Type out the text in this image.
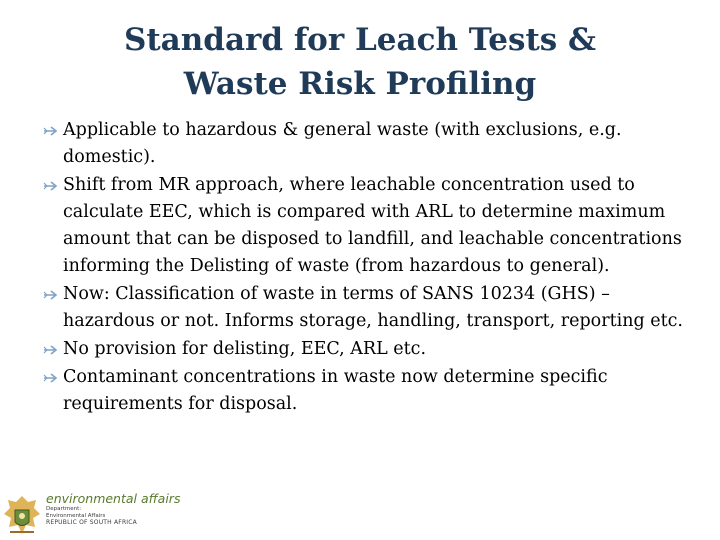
Standard for Leach Tests &
Waste Risk Profiling
Applicable to hazardous & general waste (with exclusions, e.g. domestic).
Shift from MR approach, where leachable concentration used to calculate EEC, which is compared with ARL to determine maximum amount that can be disposed to landfill, and leachable concentrations informing the Delisting of waste (from hazardous to general).
Now: Classification of waste in terms of SANS 10234 (GHS) – hazardous or not. Informs storage, handling, transport, reporting etc.
No provision for delisting, EEC, ARL etc.
Contaminant concentrations in waste now determine specific requirements for disposal.
environmental affairs
Department:
Environmental Affairs
REPUBLIC OF SOUTH AFRICA
